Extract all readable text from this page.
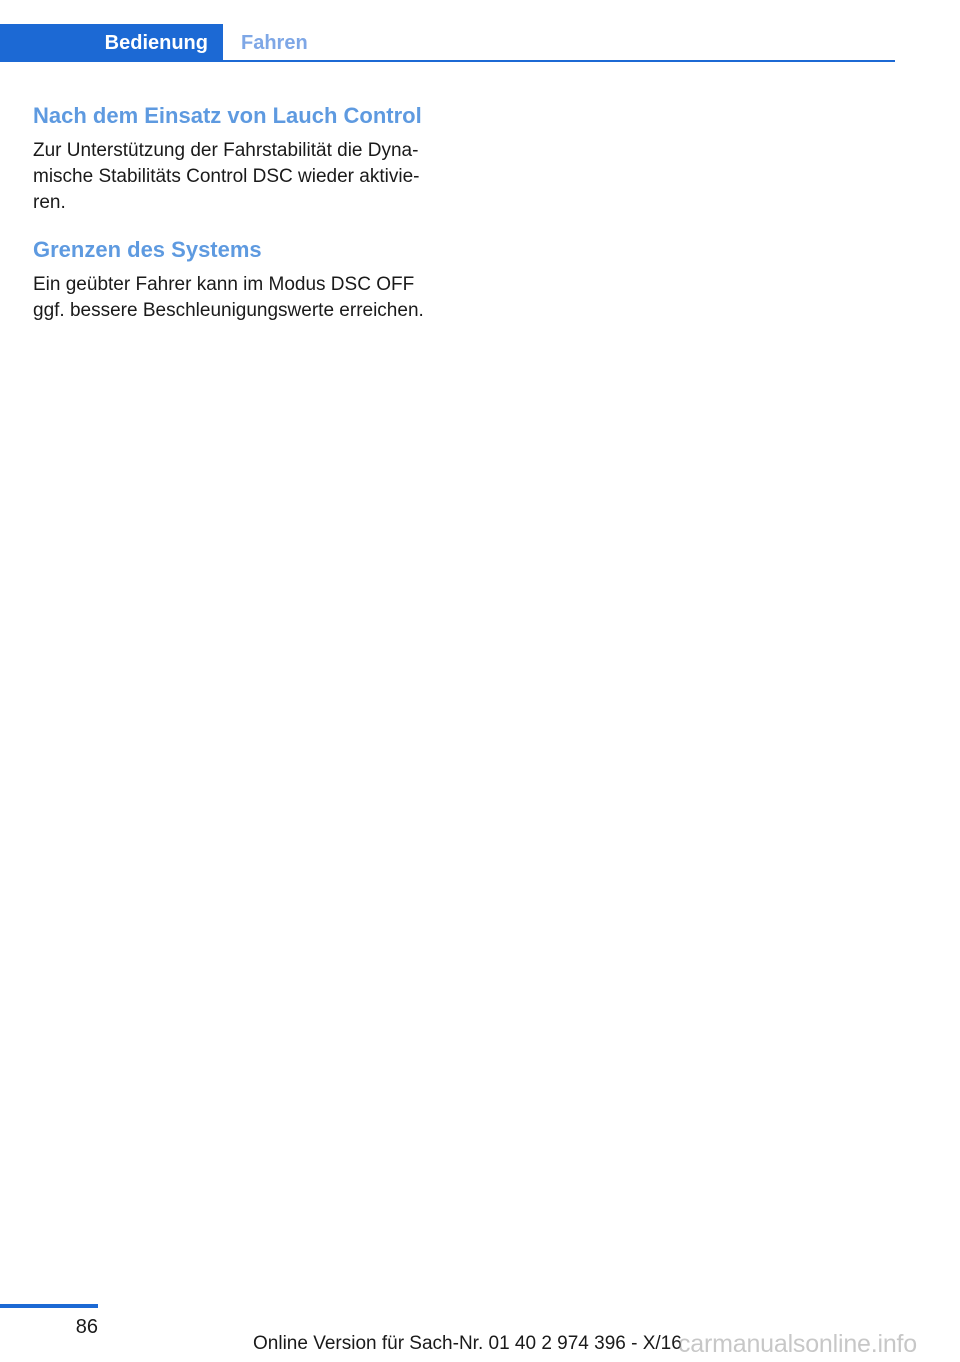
Bedienung Fahren
Nach dem Einsatz von Lauch Control

Zur Unterstützung der Fahrstabilität die Dyna-
mische Stabilitäts Control DSC wieder aktivie-
ren.

Grenzen des Systems

Ein geübter Fahrer kann im Modus DSC OFF
ggf. bessere Beschleunigungswerte erreichen.

86
Online Version für Sach-Nr. 01 40 2 974 396 - X/16
carmanualsonline.info
